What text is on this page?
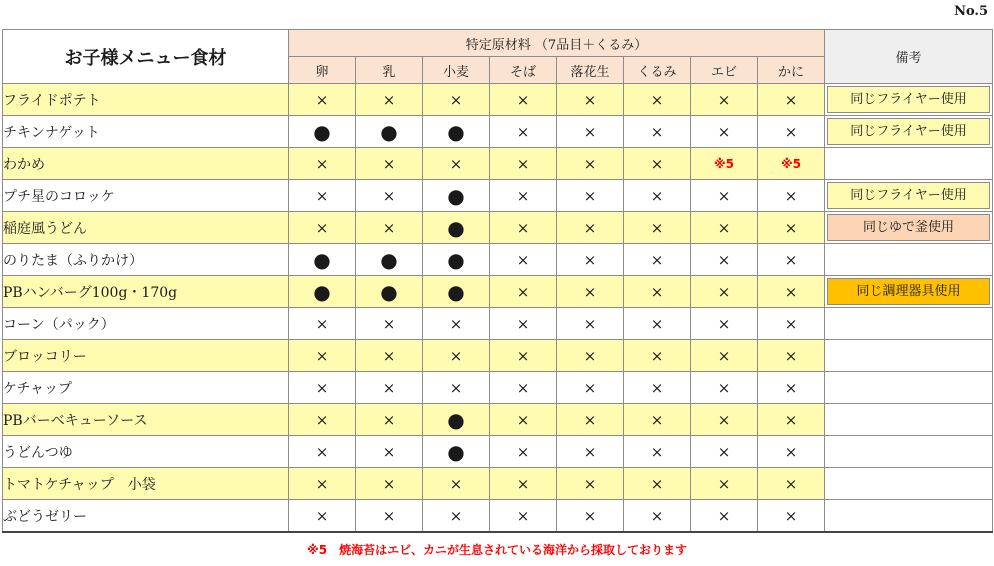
No.5
お子様メニュー食材	特定原材料 （7品目＋くるみ）								備考
	卵	乳	小麦	そば	落花生	くるみ	エビ	かに	
フライドポテト	×	×	×	×	×	×	×	×	同じフライヤー使用

チキンナゲット	●	●	●	×	×	×	×	×	同じフライヤー使用

わかめ	×	×	×	×	×	×	※5	※5	
プチ星のコロッケ	×	×	●	×	×	×	×	×	同じフライヤー使用

稲庭風うどん	×	×	●	×	×	×	×	×	同じゆで釜使用

のりたま（ふりかけ）	●	●	●	×	×	×	×	×	
PBハンバーグ100g・170g	●	●	●	×	×	×	×	×	同じ調理器具使用

コーン（パック）	×	×	×	×	×	×	×	×	
ブロッコリー	×	×	×	×	×	×	×	×	
ケチャップ	×	×	×	×	×	×	×	×	
PBバーベキューソース	×	×	●	×	×	×	×	×	
うどんつゆ	×	×	●	×	×	×	×	×	
トマトケチャップ　小袋	×	×	×	×	×	×	×	×	
ぶどうゼリー	×	×	×	×	×	×	×	×	
※5　焼海苔はエビ、カニが生息されている海洋から採取しております
